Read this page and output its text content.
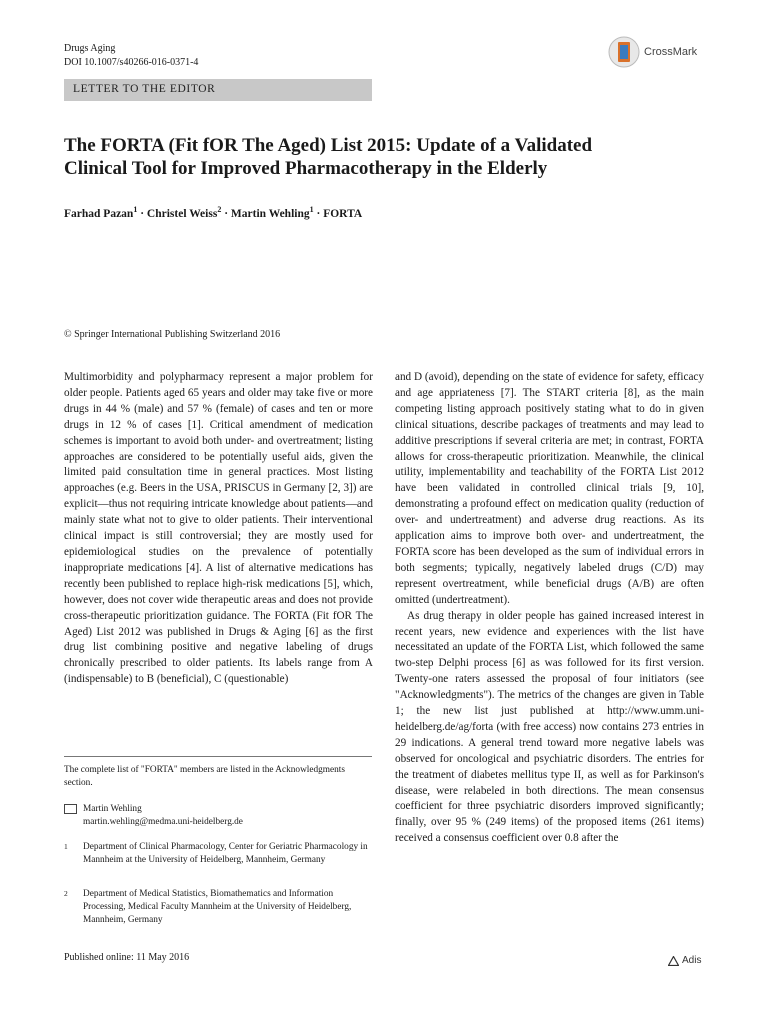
Drugs Aging
DOI 10.1007/s40266-016-0371-4
CrossMark
LETTER TO THE EDITOR
The FORTA (Fit fOR The Aged) List 2015: Update of a Validated
Clinical Tool for Improved Pharmacotherapy in the Elderly
Farhad Pazan$^1$ · Christel Weiss$^2$ · Martin Wehling$^1$ · FORTA
© Springer International Publishing Switzerland 2016

Multimorbidity and polypharmacy represent a major problem for older people. Patients aged 65 years and older may take five or more drugs in 44 % (male) and 57 % (female) of cases and ten or more drugs in 12 % of cases [1]. Critical amendment of medication schemes is important to avoid both under- and overtreatment; listing approaches are considered to be potentially useful aids, given the limited paid consultation time in general practices. Most listing approaches (e.g. Beers in the USA, PRISCUS in Germany [2, 3]) are explicit—thus not requiring intricate knowledge about patients—and mainly state what not to give to older patients. Their interventional clinical impact is still controversial; they are mostly used for epidemiological studies on the prevalence of potentially inappropriate medications [4]. A list of alternative medications has recently been published to replace high-risk medications [5], which, however, does not cover wide therapeutic areas and does not provide cross-therapeutic prioritization guidance. The FORTA (Fit fOR The Aged) List 2012 was published in Drugs & Aging [6] as the first drug list combining positive and negative labeling of drugs chronically prescribed to older patients. Its labels range from A (indispensable) to B (beneficial), C (questionable)

and D (avoid), depending on the state of evidence for safety, efficacy and age appriateness [7]. The START criteria [8], as the main competing listing approach positively stating what to do in given clinical situations, describe packages of treatments and may lead to additive prescriptions if several criteria are met; in contrast, FORTA allows for cross-therapeutic prioritization. Meanwhile, the clinical utility, implementability and teachability of the FORTA List 2012 have been validated in controlled clinical trials [9, 10], demonstrating a profound effect on medication quality (reduction of over- and undertreatment) and adverse drug reactions. As its application aims to improve both over- and undertreatment, the FORTA score has been developed as the sum of individual errors in both segments; typically, negatively labeled drugs (C/D) may represent overtreatment, while beneficial drugs (A/B) are often omitted (undertreatment).

As drug therapy in older people has gained increased interest in recent years, new evidence and experiences with the list have necessitated an update of the FORTA List, which followed the same two-step Delphi process [6] as was followed for its first version. Twenty-one raters assessed the proposal of four initiators (see "Acknowledgments"). The metrics of the changes are given in Table 1; the new list just published at http://www.umm.uni-heidelberg.de/ag/forta (with free access) now contains 273 entries in 29 indications. A general trend toward more negative labels was observed for oncological and psychiatric disorders. The entries for the treatment of diabetes mellitus type II, as well as for Parkinson's disease, were relabeled in both directions. The mean consensus coefficient for three psychiatric disorders improved significantly; finally, over 95 % (249 items) of the proposed items (261 items) received a consensus coefficient over 0.8 after the

The complete list of "FORTA" members are listed in the Acknowledgments section.
Martin Wehling
martin.wehling@medma.uni-heidelberg.de
1 Department of Clinical Pharmacology, Center for Geriatric Pharmacology in Mannheim at the University of Heidelberg, Mannheim, Germany
2 Department of Medical Statistics, Biomathematics and Information Processing, Medical Faculty Mannheim at the University of Heidelberg, Mannheim, Germany
Published online: 11 May 2016	Adis
